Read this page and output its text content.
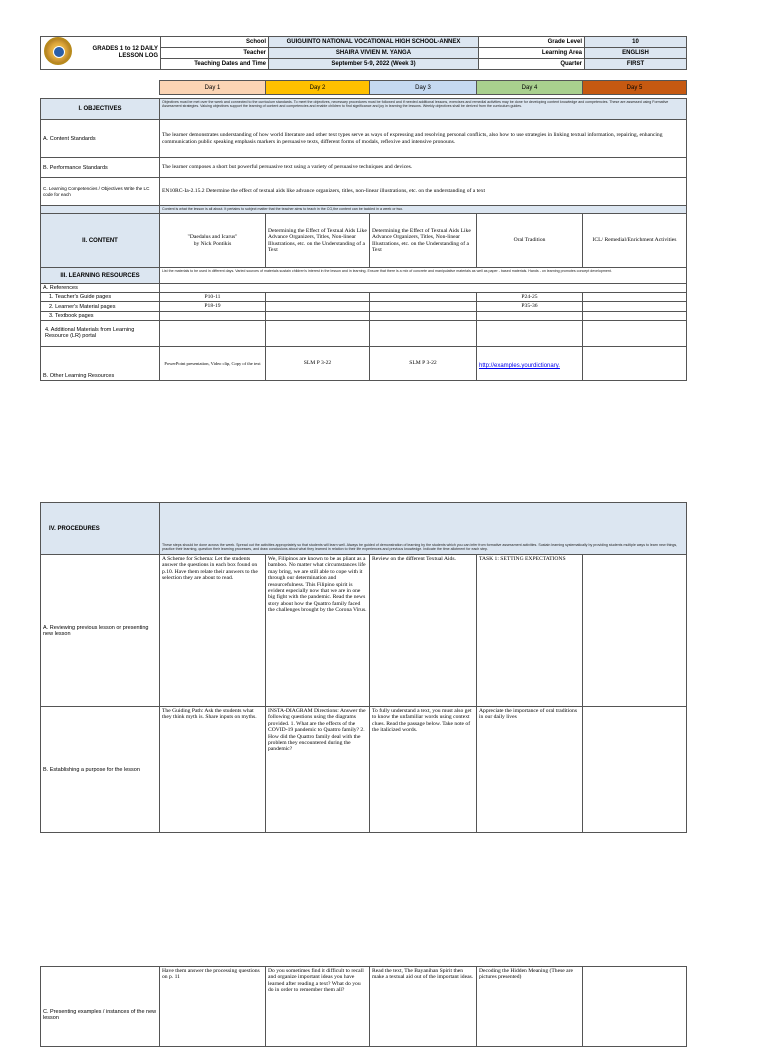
GRADES 1 to 12 DAILY LESSON LOG	School	GUIGUINTO NATIONAL VOCATIONAL HIGH SCHOOL-ANNEX	Grade Level	10
	Teacher	SHAIRA VIVIEN M. YANGA	Learning Area	ENGLISH
	Teaching Dates and Time	September 5-9, 2022 (Week 3)	Quarter	FIRST
	Day 1	Day 2	Day 3	Day 4	Day 5

I. OBJECTIVES	Objectives must be met over the week and connected to the curriculum standards. To meet the objectives, necessary procedures must be followed and if needed additional lessons, exercises and remedial activities may be done for developing content knowledge and competencies. These are assessed using Formative Assessment strategies. Valuing objectives support the learning of content and competencies and enable children to find significance and joy in learning the lessons. Weekly objectives shall be derived from the curriculum guides.				
A. Content Standards	The learner demonstrates understanding of how world literature and other text types serve as ways of expressing and resolving personal conflicts, also how to use strategies in linking textual information, repairing, enhancing communication public speaking emphasis markers in persuasive texts, different forms of modals, reflexive and intensive pronouns.				
B. Performance Standards	The learner composes a short but powerful persuasive text using a variety of persuasive techniques and devices.				
C. Learning Competencies / Objectives Write the LC code for each	EN10RC-Ia-2.15.2 Determine the effect of textual aids like advance organizers, titles, non-linear illustrations, etc. on the understanding of a text				
	Content is what the lesson is all about. It pertains to subject matter that the teacher aims to teach in the CG,the content can be tackled in a week or two.				
II. CONTENT	"Daedalus and Icarus"
by Nick Pontikis	Determining the Effect of Textual Aids Like Advance Organizers, Titles, Non-linear Illustrations, etc. on the Understanding of a Text	Determining the Effect of Textual Aids Like Advance Organizers, Titles, Non-linear Illustrations, etc. on the Understanding of a Text	Oral Tradition	ICL/ Remedial/Enrichment Activities
III. LEARNING RESOURCES	List the materials to be used in different days. Varied sources of materials sustain children's interest in the lesson and in learning. Ensure that there is a mix of concrete and manipulative materials as well as paper - based materials. Hands - on learning promotes concept development.				
A. References					
1. Teacher's Guide pages	P10-11			P24-25	
2. Learner's Material pages	P18-19			P35-36	
3. Textbook pages					
4. Additional Materials from Learning Resource (LR) portal					
B. Other Learning Resources	PowerPoint presentation, Video clip, Copy of the text	SLM P 3-22	SLM P 3-22	http://examples.yourdictionary.	
IV. PROCEDURES	These steps should be done across the week. Spread out the activities appropriately so that students will learn well. Always be guided of demonstration of learning by the students which you can infer from formative assessment activities. Sustain learning systematically by providing students multiple ways to learn new things, practice their learning, question their learning processes, and draw conclusions about what they learned in relation to their life experiences and previous knowledge. Indicate the time allotment for each step.				
A. Reviewing previous lesson or presenting new lesson	A Scheme for Schema: Let the students answer the questions in each box found on p.10. Have them relate their answers to the selection they are about to read.	We, Filipinos are known to be as pliant as a bamboo. No matter what circumstances life may bring, we are still able to cope with it through our determination and resourcefulness. This Filipino spirit is evident especially now that we are in one big fight with the pandemic. Read the news story about how the Quattro family faced the challenges brought by the Corona Virus.	Review on the different Textual Aids.	TASK 1: SETTING EXPECTATIONS	
B. Establishing a purpose for the lesson	The Guiding Path: Ask the students what they think myth is. Share inputs on myths.	INSTA-DIAGRAM Directions: Answer the following questions using the diagrams provided. 1. What are the effects of the COVID-19 pandemic to Quattro family? 2. How did the Quattro family deal with the problem they encountered during the pandemic?	To fully understand a text, you must also get to know the unfamiliar words using context clues. Read the passage below. Take note of the italicized words.	Appreciate the importance of oral traditions in our daily lives	
C. Presenting examples / instances of the new lesson	Have them answer the processing questions on p. 11	Do you sometimes find it difficult to recall and organize important ideas you have learned after reading a text? What do you do in order to remember them all?	Read the text, The Bayanihan Spirit then make a textual aid out of the important ideas.	Decoding the Hidden Meaning (These are pictures presented)	
